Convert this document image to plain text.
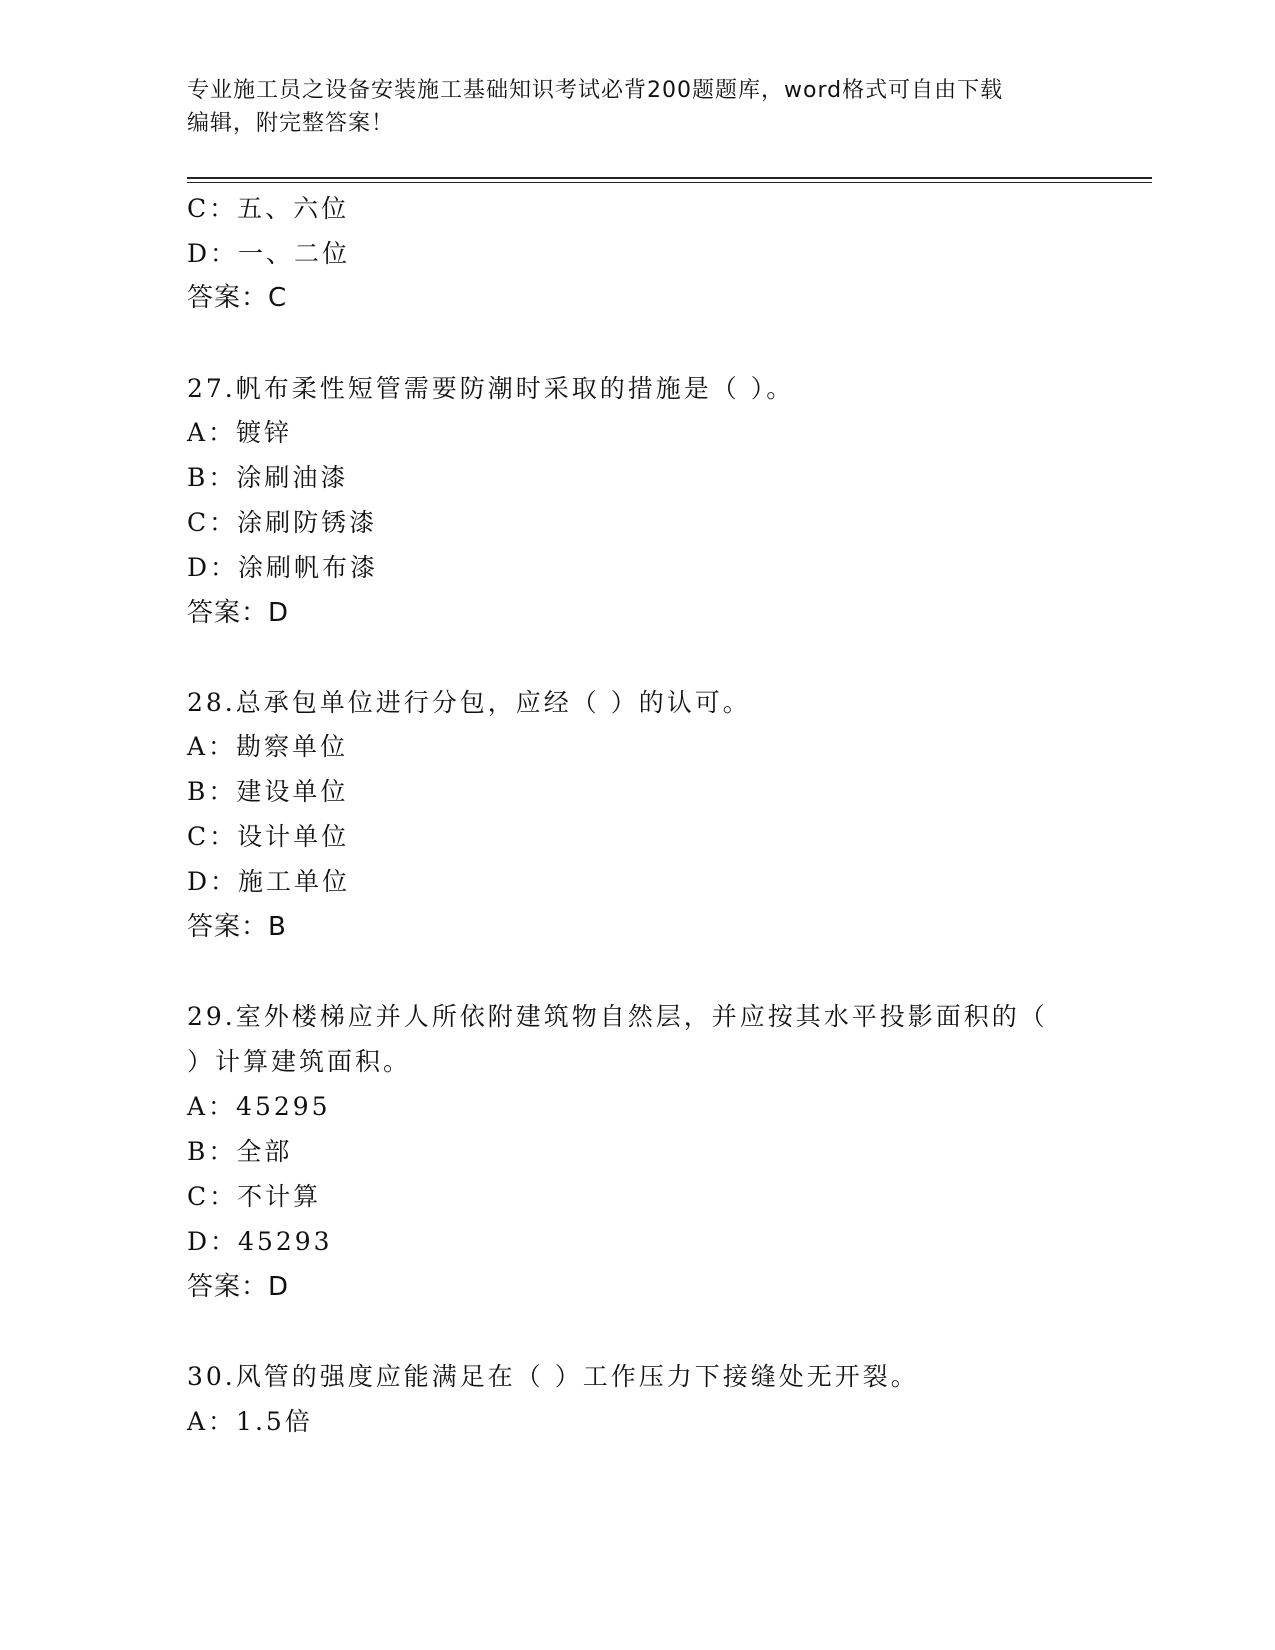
专业施工员之设备安装施工基础知识考试必背200题题库，word格式可自由下载
编辑，附完整答案！
C：五、六位
D：一、二位
答案：C
27.帆布柔性短管需要防潮时采取的措施是（ ）。
A：镀锌
B：涂刷油漆
C：涂刷防锈漆
D：涂刷帆布漆
答案：D
28.总承包单位进行分包，应经（ ）的认可。
A：勘察单位
B：建设单位
C：设计单位
D：施工单位
答案：B
29.室外楼梯应并人所依附建筑物自然层，并应按其水平投影面积的（
）计算建筑面积。
A：45295
B：全部
C：不计算
D：45293
答案：D
30.风管的强度应能满足在（ ）工作压力下接缝处无开裂。
A：1.5倍
